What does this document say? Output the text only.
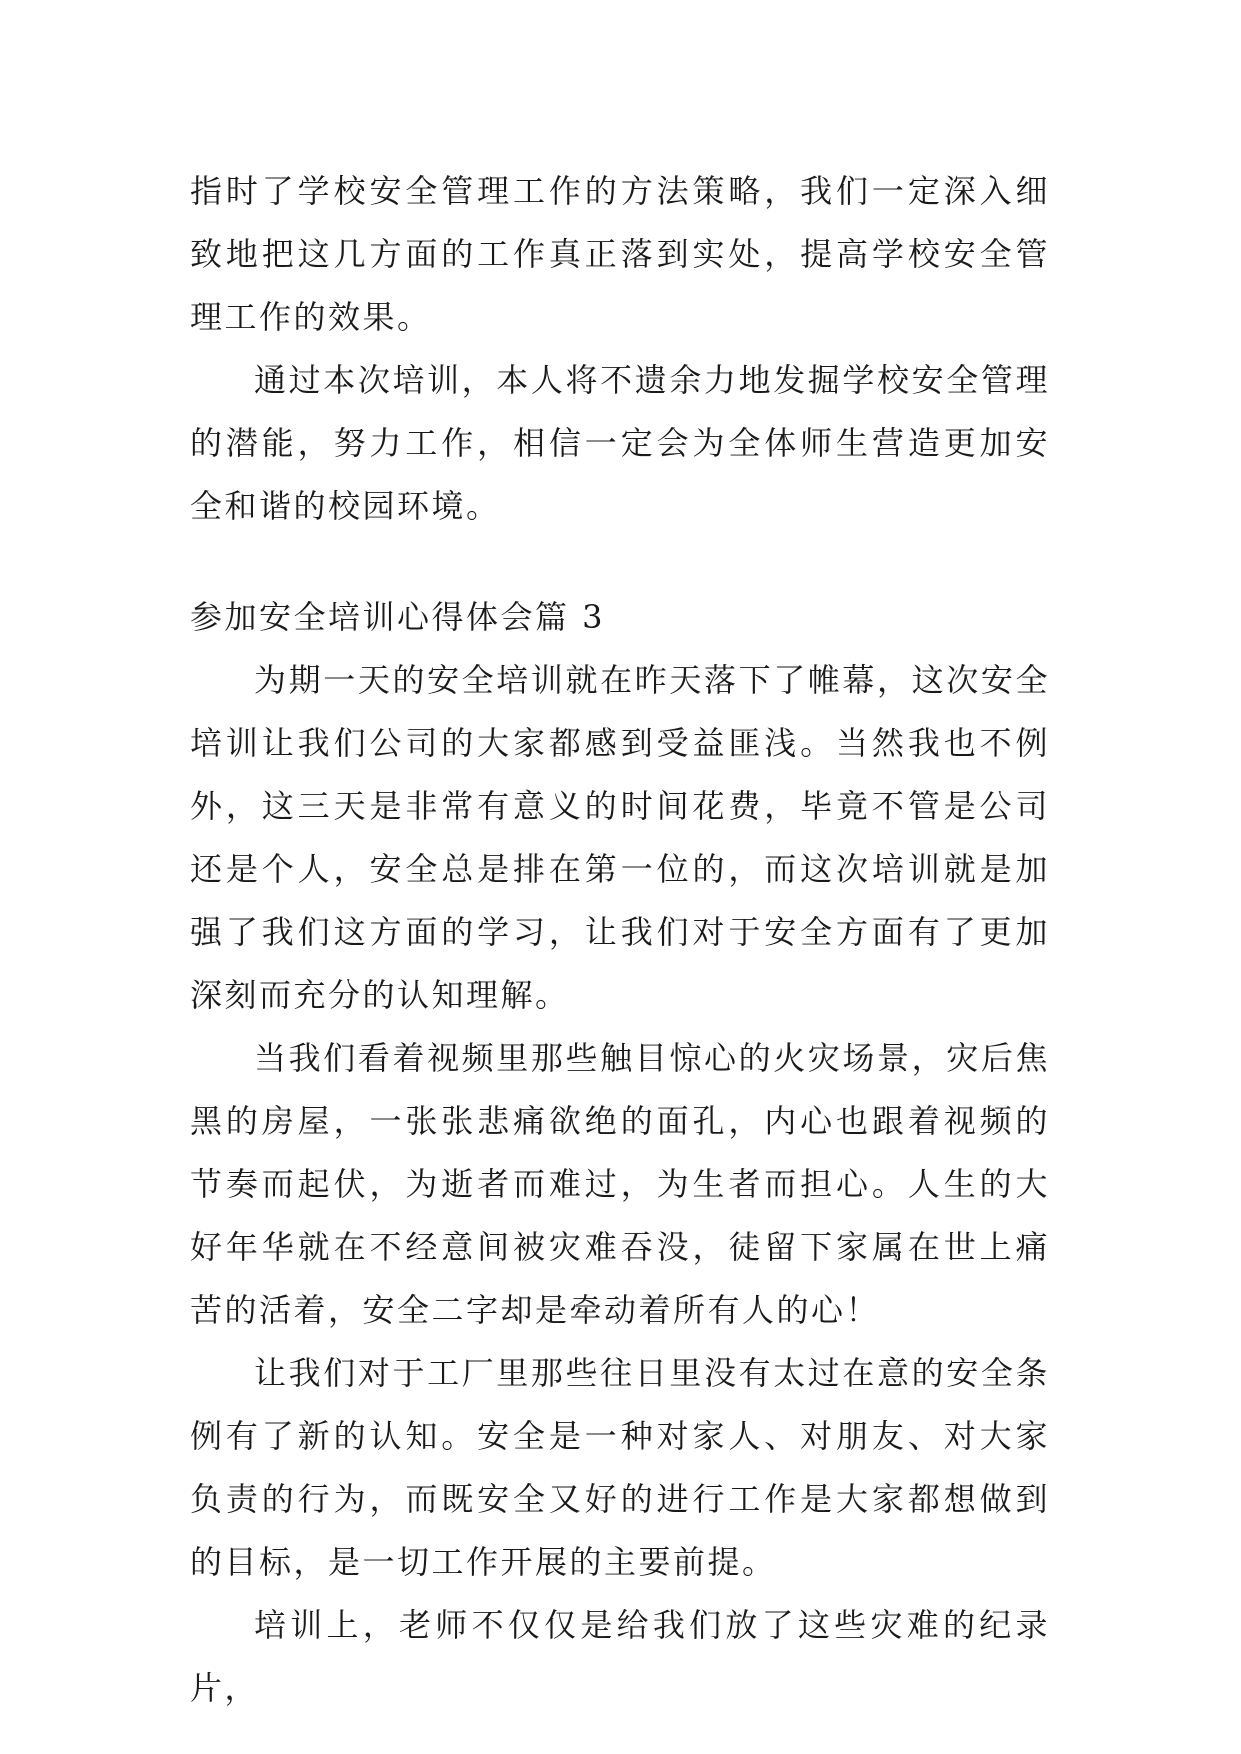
指时了学校安全管理工作的方法策略，我们一定深入细致地把这几方面的工作真正落到实处，提高学校安全管理工作的效果。

通过本次培训，本人将不遗余力地发掘学校安全管理的潜能，努力工作，相信一定会为全体师生营造更加安全和谐的校园环境。

参加安全培训心得体会篇 3

为期一天的安全培训就在昨天落下了帷幕，这次安全培训让我们公司的大家都感到受益匪浅。当然我也不例外，这三天是非常有意义的时间花费，毕竟不管是公司还是个人，安全总是排在第一位的，而这次培训就是加强了我们这方面的学习，让我们对于安全方面有了更加深刻而充分的认知理解。

当我们看着视频里那些触目惊心的火灾场景，灾后焦黑的房屋，一张张悲痛欲绝的面孔，内心也跟着视频的节奏而起伏，为逝者而难过，为生者而担心。人生的大好年华就在不经意间被灾难吞没，徒留下家属在世上痛苦的活着，安全二字却是牵动着所有人的心！

让我们对于工厂里那些往日里没有太过在意的安全条例有了新的认知。安全是一种对家人、对朋友、对大家负责的行为，而既安全又好的进行工作是大家都想做到的目标，是一切工作开展的主要前提。

培训上，老师不仅仅是给我们放了这些灾难的纪录片，
